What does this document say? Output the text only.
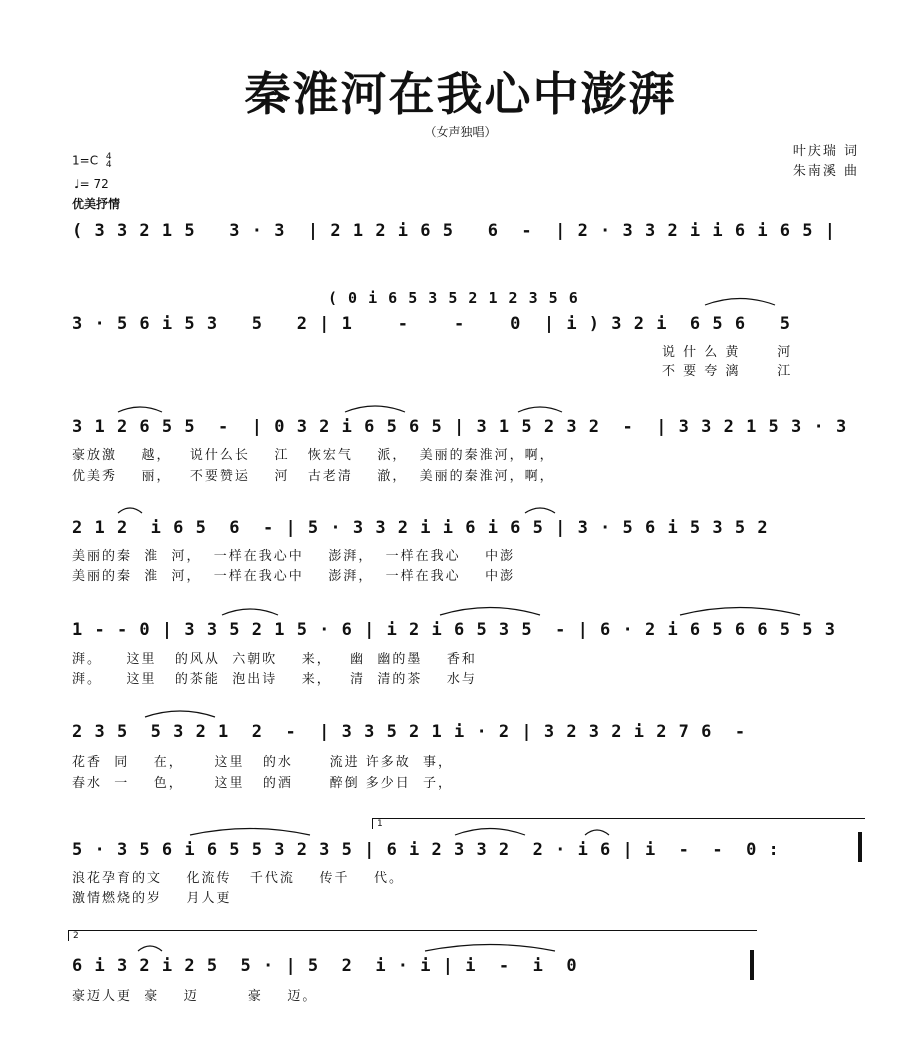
秦淮河在我心中澎湃
（女声独唱）
1=C 4
4
♩= 72
优美抒情
叶庆瑞 词
朱南溪 曲
( 3 3 2 1 5   3 · 3  | 2 1 2 i 6 5   6  -  | 2 · 3 3 2 i i 6 i 6 5 |
( 0 i 6 5 3 5 2 1 2 3 5 6
3 · 5 6 i 5 3   5   2 | 1    -    -    0  | i ) 3 2 i  6 5 6   5
说 什 么 黄      河
不 要 夸 漓      江
3 1 2 6 5 5  -  | 0 3 2 i 6 5 6 5 | 3 1 5 2 3 2  -  | 3 3 2 1 5 3 · 3
豪放激    越，   说什么长    江   恢宏气    派，  美丽的秦淮河，啊，
优美秀    丽，   不要赞运    河   古老清    澈，  美丽的秦淮河，啊，
2 1 2  i 6 5  6  - | 5 · 3 3 2 i i 6 i 6 5 | 3 · 5 6 i 5 3 5 2
美丽的秦  淮  河，  一样在我心中    澎湃，  一样在我心    中澎
美丽的秦  淮  河，  一样在我心中    澎湃，  一样在我心    中澎
1 - - 0 | 3 3 5 2 1 5 · 6 | i 2 i 6 5 3 5  - | 6 · 2 i 6 5 6 6 5 5 3
湃。    这里   的风从  六朝吹    来，   幽  幽的墨    香和
湃。    这里   的茶能  泡出诗    来，   清  清的茶    水与
2 3 5  5 3 2 1  2  -  | 3 3 5 2 1 i · 2 | 3 2 3 2 i 2 7 6  -
花香  同    在，     这里   的水      流进 许多故  事，
春水  一    色，     这里   的酒      醉倒 多少日  子，
1
5 · 3 5 6 i 6 5 5 3 2 3 5 | 6 i 2 3 3 2  2 · i 6 | i  -  -  0 :
浪花孕育的文    化流传   千代流    传千    代。
激情燃烧的岁    月人更
2
6 i 3 2 i 2 5  5 · | 5  2  i · i | i  -  i  0
豪迈人更  豪    迈        豪    迈。
